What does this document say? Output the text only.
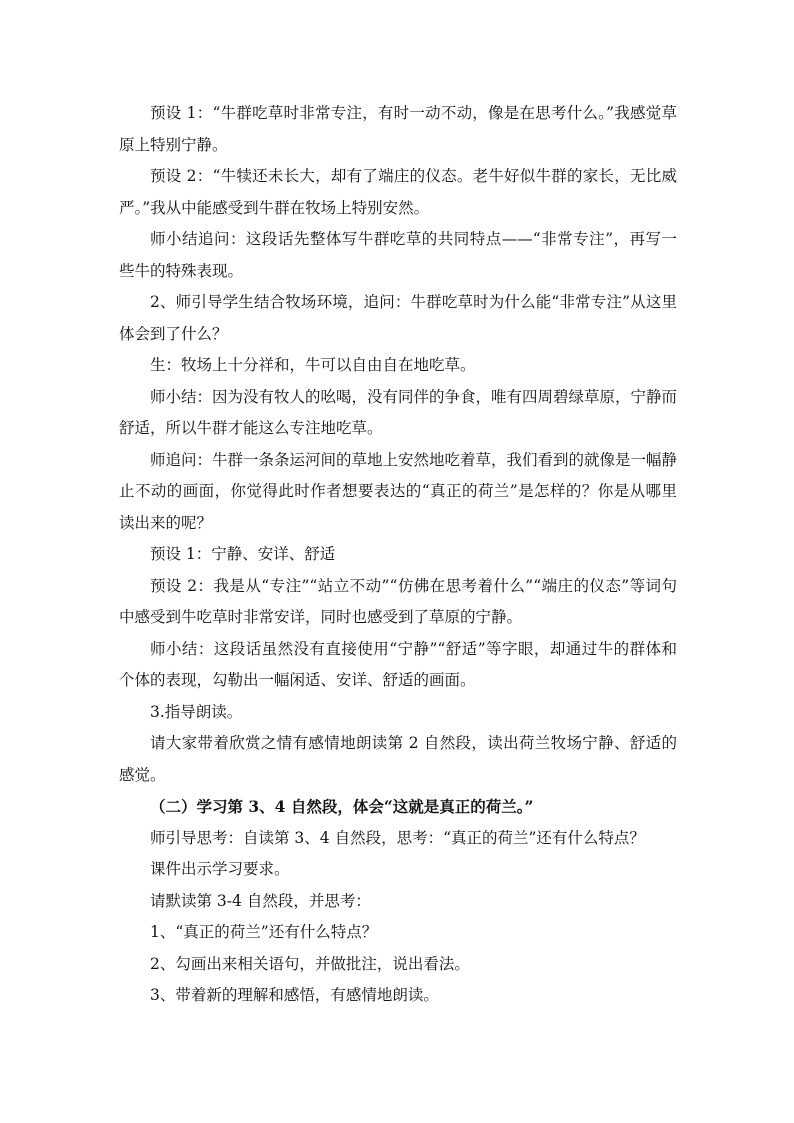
预设 1：“牛群吃草时非常专注，有时一动不动，像是在思考什么。”我感觉草原上特别宁静。

预设 2：“牛犊还未长大，却有了端庄的仪态。老牛好似牛群的家长，无比威严。”我从中能感受到牛群在牧场上特别安然。

师小结追问：这段话先整体写牛群吃草的共同特点——“非常专注”，再写一些牛的特殊表现。

2、师引导学生结合牧场环境，追问：牛群吃草时为什么能“非常专注”从这里体会到了什么？

生：牧场上十分祥和，牛可以自由自在地吃草。

师小结：因为没有牧人的吆喝，没有同伴的争食，唯有四周碧绿草原，宁静而舒适，所以牛群才能这么专注地吃草。

师追问：牛群一条条运河间的草地上安然地吃着草，我们看到的就像是一幅静止不动的画面，你觉得此时作者想要表达的“真正的荷兰”是怎样的？你是从哪里读出来的呢？

预设 1：宁静、安详、舒适

预设 2：我是从“专注”“站立不动”“仿佛在思考着什么”“端庄的仪态”等词句中感受到牛吃草时非常安详，同时也感受到了草原的宁静。

师小结：这段话虽然没有直接使用“宁静”“舒适”等字眼，却通过牛的群体和个体的表现，勾勒出一幅闲适、安详、舒适的画面。

3.指导朗读。

请大家带着欣赏之情有感情地朗读第 2 自然段，读出荷兰牧场宁静、舒适的感觉。

（二）学习第 3、4 自然段，体会“这就是真正的荷兰。”

师引导思考：自读第 3、4 自然段，思考：“真正的荷兰”还有什么特点？

课件出示学习要求。

请默读第 3-4 自然段，并思考：

1、“真正的荷兰”还有什么特点？

2、勾画出来相关语句，并做批注，说出看法。

3、带着新的理解和感悟，有感情地朗读。
